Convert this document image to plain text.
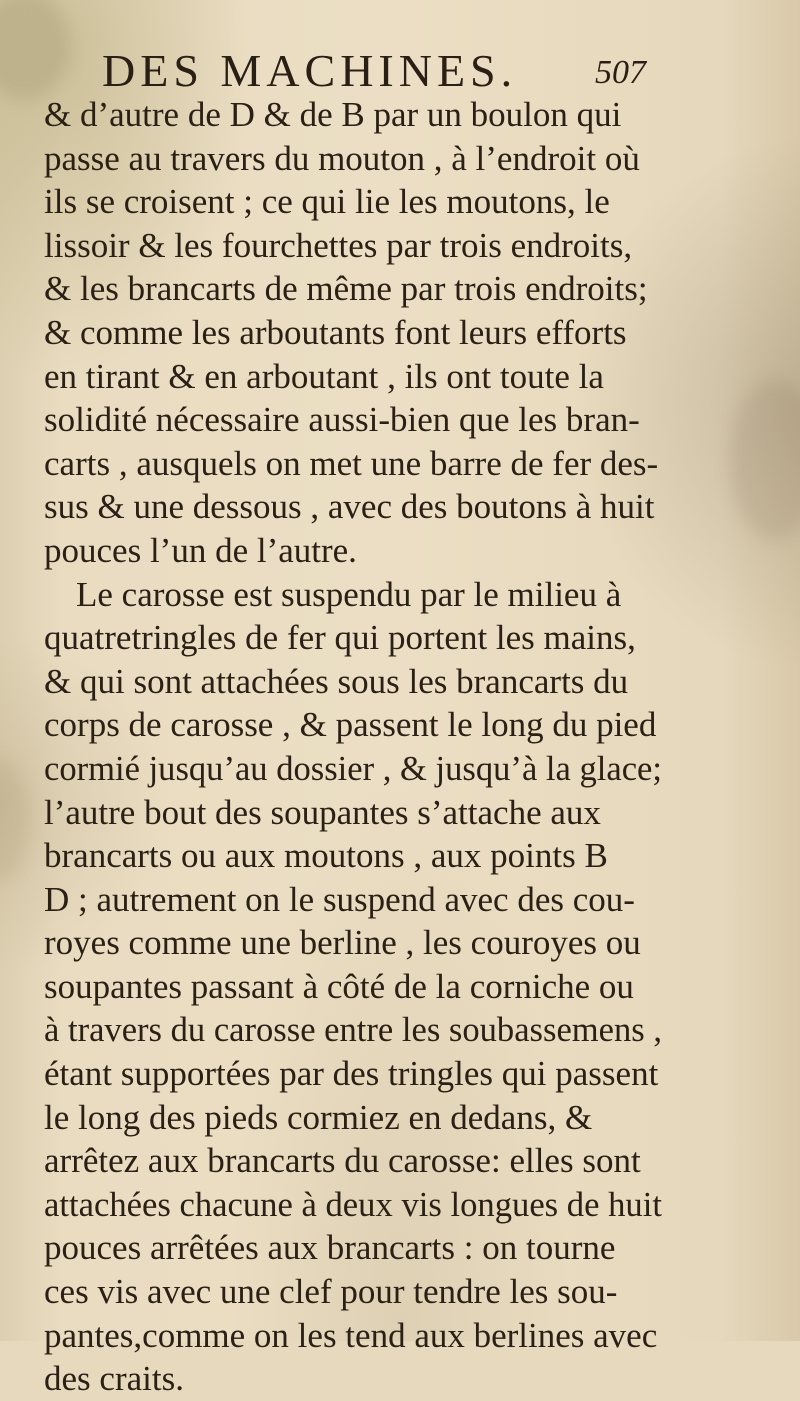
DES MACHINES. 507
& d’autre de D & de B par un boulon qui
passe au travers du mouton , à l’endroit où
ils se croisent ; ce qui lie les moutons, le
lissoir & les fourchettes par trois endroits,
& les brancarts de même par trois endroits;
& comme les arboutants font leurs efforts
en tirant & en arboutant , ils ont toute la
solidité nécessaire aussi-bien que les bran-
carts , ausquels on met une barre de fer des-
sus & une dessous , avec des boutons à huit
pouces l’un de l’autre.
Le carosse est suspendu par le milieu à
quatretringles de fer qui portent les mains,
& qui sont attachées sous les brancarts du
corps de carosse , & passent le long du pied
cormié jusqu’au dossier , & jusqu’à la glace;
l’autre bout des soupantes s’attache aux
brancarts ou aux moutons , aux points B
D ; autrement on le suspend avec des cou-
royes comme une berline , les couroyes ou
soupantes passant à côté de la corniche ou
à travers du carosse entre les soubassemens ,
étant supportées par des tringles qui passent
le long des pieds cormiez en dedans, &
arrêtez aux brancarts du carosse: elles sont
attachées chacune à deux vis longues de huit
pouces arrêtées aux brancarts : on tourne
ces vis avec une clef pour tendre les sou-
pantes,comme on les tend aux berlines avec
des craits.
